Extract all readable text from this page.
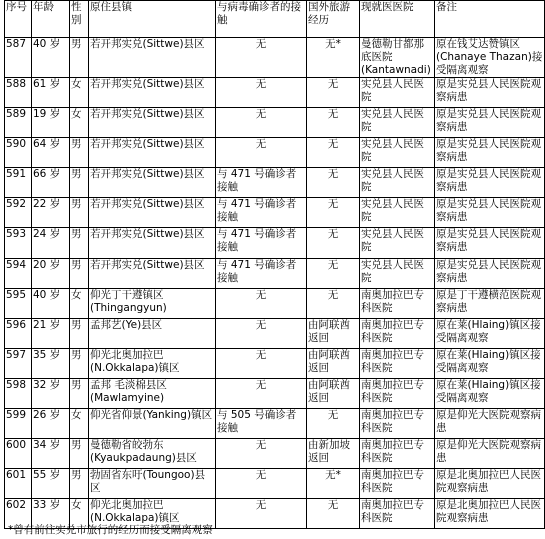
序号	年龄	性别	原住县镇	与病毒确诊者的接触	国外旅游经历	现就医医院	备注
587	40 岁	男	若开邦实兑(Sittwe)县区	无	无*	曼德勒甘都那底医院(Kantawnadi)	原在钱艾达赞镇区(Chanaye Thazan)接受隔离观察
588	61 岁	女	若开邦实兑(Sittwe)县区	无	无	实兑县人民医院	原是实兑县人民医院观察病患
589	19 岁	女	若开邦实兑(Sittwe)县区	无	无	实兑县人民医院	原是实兑县人民医院观察病患
590	64 岁	男	若开邦实兑(Sittwe)县区	无	无	实兑县人民医院	原是实兑县人民医院观察病患
591	66 岁	男	若开邦实兑(Sittwe)县区	与 471 号确诊者接触	无	实兑县人民医院	原是实兑县人民医院观察病患
592	22 岁	男	若开邦实兑(Sittwe)县区	与 471 号确诊者接触	无	实兑县人民医院	原是实兑县人民医院观察病患
593	24 岁	男	若开邦实兑(Sittwe)县区	与 471 号确诊者接触	无	实兑县人民医院	原是实兑县人民医院观察病患
594	20 岁	男	若开邦实兑(Sittwe)县区	与 471 号确诊者接触	无	实兑县人民医院	原是实兑县人民医院观察病患
595	40 岁	女	仰光丁干遵镇区(Thingangyun)	无	无	南奥加拉巴专科医院	原是丁干遵横范医院观察病患
596	21 岁	男	孟邦艺(Ye)县区	无	由阿联酋返回	南奥加拉巴专科医院	原在莱(Hlaing)镇区接受隔离观察
597	35 岁	男	仰光北奥加拉巴(N.Okkalapa)镇区	无	由阿联酋返回	南奥加拉巴专科医院	原在莱(Hlaing)镇区接受隔离观察
598	32 岁	男	孟邦 毛淡棉县区(Mawlamyine)	无	由阿联酋返回	南奥加拉巴专科医院	原在莱(Hlaing)镇区接受隔离观察
599	26 岁	女	仰光省仰景(Yanking)镇区	与 505 号确诊者接触	无	南奥加拉巴专科医院	原是仰光大医院观察病患
600	34 岁	男	曼德勒省皎勃东(Kyaukpadaung)县区	无	由新加坡返回	南奥加拉巴专科医院	原是仰光大医院观察病患
601	55 岁	男	勃固省东吁(Toungoo)县区	无	无*	南奥加拉巴专科医院	原是北奥加拉巴人民医院观察病患
602	33 岁	女	仰光北奥加拉巴(N.Okkalapa)镇区	无	无	南奥加拉巴专科医院	原是北奥加拉巴人民医院观察病患
*曾有前往实兑市旅行的经历而接受隔离观察
